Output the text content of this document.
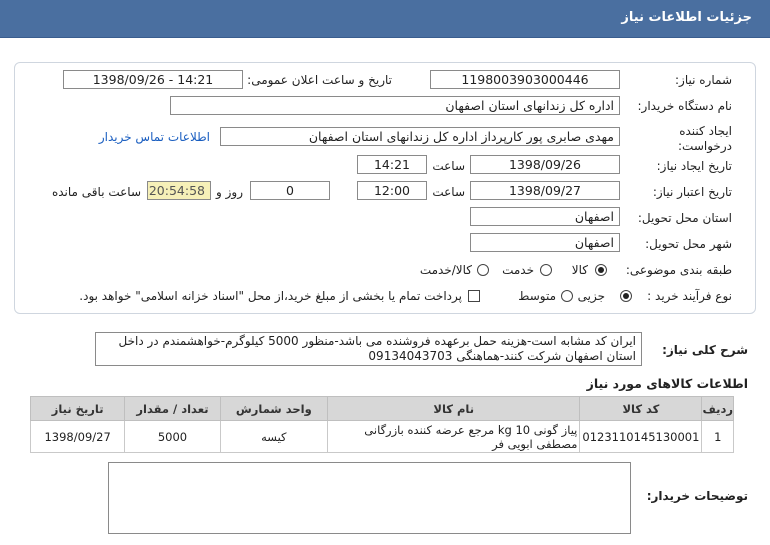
جزئیات اطلاعات نیاز
شماره نیاز:
1198003903000446
تاریخ و ساعت اعلان عمومی:
1398/09/26 - 14:21
نام دستگاه خریدار:
اداره کل زندانهای استان اصفهان
ایجاد کننده
درخواست:
مهدی صابری پور کارپرداز اداره کل زندانهای استان اصفهان
اطلاعات تماس خریدار
تاریخ ایجاد نیاز:
1398/09/26
ساعت
14:21
تاریخ اعتبار نیاز:
1398/09/27
ساعت
12:00
0
روز و
20:54:58
ساعت باقی مانده
استان محل تحویل:
اصفهان
شهر محل تحویل:
اصفهان
طبقه بندی موضوعی:
کالا
خدمت
کالا/خدمت
نوع فرآیند خرید :
جزیی
متوسط
پرداخت تمام یا بخشی از مبلغ خرید،از محل "اسناد خزانه اسلامی" خواهد بود.
شرح کلی نیاز:
ایران کد مشابه است-هزینه حمل برعهده فروشنده می باشد-منظور 5000 کیلوگرم-خواهشمندم در داخل استان اصفهان شرکت کنند-هماهنگی 09134043703
اطلاعات کالاهای مورد نیاز
ردیف	کد کالا	نام کالا	واحد شمارش	تعداد / مقدار	تاریخ نیاز
1	0123110145130001	پیاز گونی 10 kg مرجع عرضه کننده بازرگانی مصطفی ابویی فر	کیسه	5000	1398/09/27
توضیحات خریدار:
